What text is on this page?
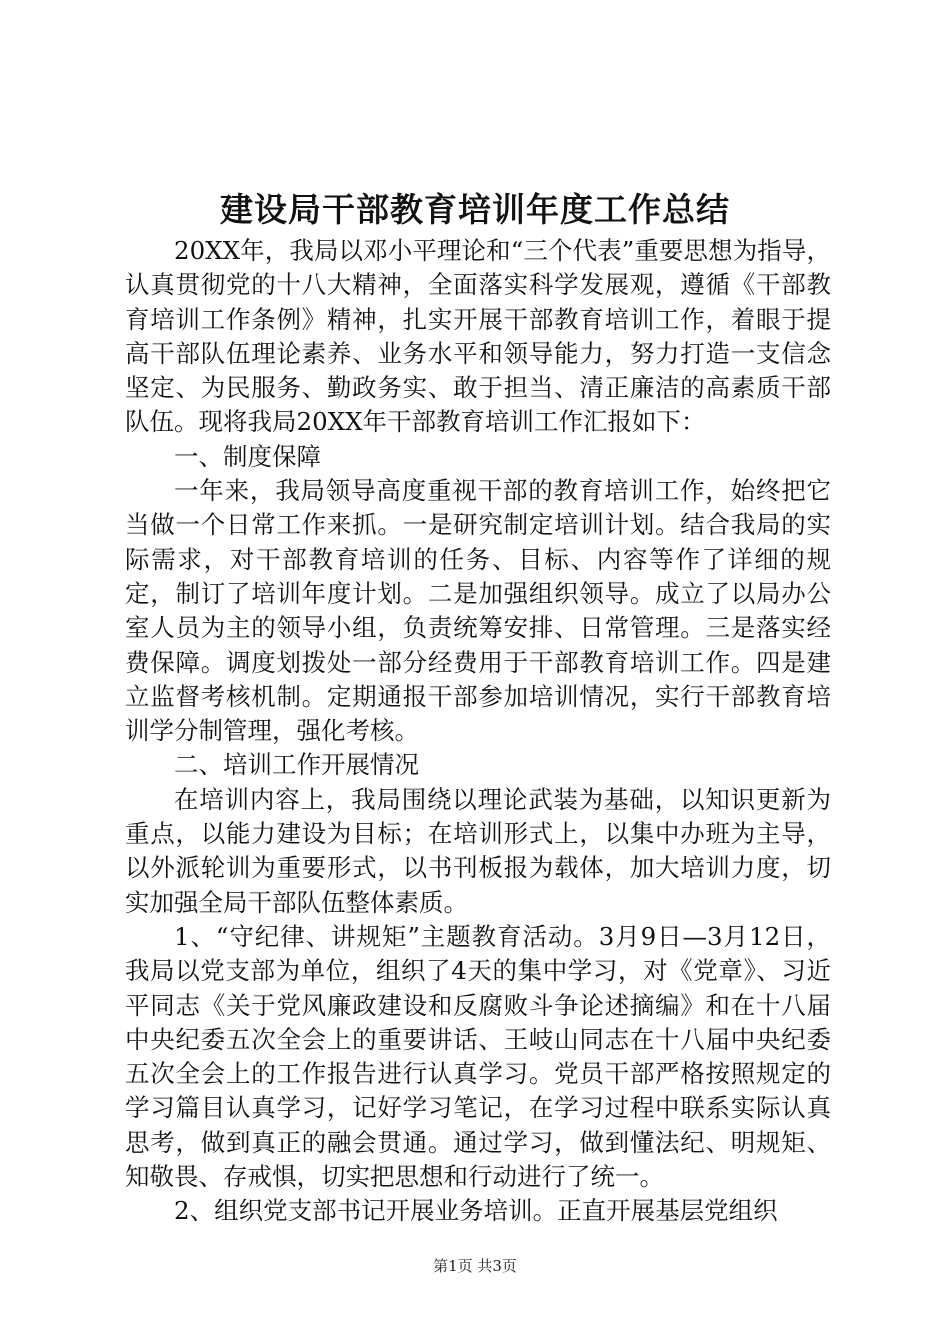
建设局干部教育培训年度工作总结

20XX年，我局以邓小平理论和“三个代表”重要思想为指导，认真贯彻党的十八大精神，全面落实科学发展观，遵循《干部教育培训工作条例》精神，扎实开展干部教育培训工作，着眼于提高干部队伍理论素养、业务水平和领导能力，努力打造一支信念坚定、为民服务、勤政务实、敢于担当、清正廉洁的高素质干部队伍。现将我局20XX年干部教育培训工作汇报如下：

一、制度保障

一年来，我局领导高度重视干部的教育培训工作，始终把它当做一个日常工作来抓。一是研究制定培训计划。结合我局的实际需求，对干部教育培训的任务、目标、内容等作了详细的规定，制订了培训年度计划。二是加强组织领导。成立了以局办公室人员为主的领导小组，负责统筹安排、日常管理。三是落实经费保障。调度划拨处一部分经费用于干部教育培训工作。四是建立监督考核机制。定期通报干部参加培训情况，实行干部教育培训学分制管理，强化考核。

二、培训工作开展情况

在培训内容上，我局围绕以理论武装为基础，以知识更新为重点，以能力建设为目标；在培训形式上，以集中办班为主导，以外派轮训为重要形式，以书刊板报为载体，加大培训力度，切实加强全局干部队伍整体素质。

1、“守纪律、讲规矩”主题教育活动。3月9日—3月12日，我局以党支部为单位，组织了4天的集中学习，对《党章》、习近平同志《关于党风廉政建设和反腐败斗争论述摘编》和在十八届中央纪委五次全会上的重要讲话、王岐山同志在十八届中央纪委五次全会上的工作报告进行认真学习。党员干部严格按照规定的学习篇目认真学习，记好学习笔记，在学习过程中联系实际认真思考，做到真正的融会贯通。通过学习，做到懂法纪、明规矩、知敬畏、存戒惧，切实把思想和行动进行了统一。

2、组织党支部书记开展业务培训。正直开展基层党组织

第1页 共3页
